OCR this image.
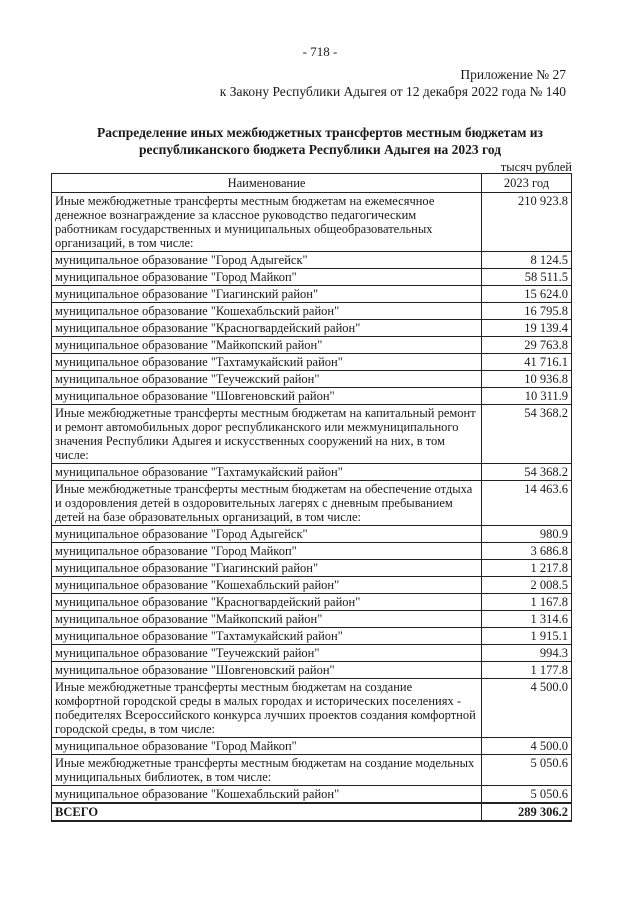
- 718 -
Приложение № 27
к Закону Республики Адыгея от 12 декабря 2022 года № 140
Распределение иных межбюджетных трансфертов местным бюджетам из республиканского бюджета Республики Адыгея на 2023 год
тысяч рублей
Наименование	2023 год
Иные межбюджетные трансферты местным бюджетам на ежемесячное денежное вознаграждение за классное руководство педагогическим работникам государственных и муниципальных общеобразовательных организаций, в том числе:	210 923.8
муниципальное образование "Город Адыгейск"	8 124.5
муниципальное образование "Город Майкоп"	58 511.5
муниципальное образование "Гиагинский район"	15 624.0
муниципальное образование "Кошехабльский район"	16 795.8
муниципальное образование "Красногвардейский район"	19 139.4
муниципальное образование "Майкопский район"	29 763.8
муниципальное образование "Тахтамукайский район"	41 716.1
муниципальное образование "Теучежский район"	10 936.8
муниципальное образование "Шовгеновский район"	10 311.9
Иные межбюджетные трансферты местным бюджетам на капитальный ремонт и ремонт автомобильных дорог республиканского или межмуниципального значения Республики Адыгея и искусственных сооружений на них, в том числе:	54 368.2
муниципальное образование "Тахтамукайский район"	54 368.2
Иные межбюджетные трансферты местным бюджетам на обеспечение отдыха и оздоровления детей в оздоровительных лагерях с дневным пребыванием детей на базе образовательных организаций, в том числе:	14 463.6
муниципальное образование "Город Адыгейск"	980.9
муниципальное образование "Город Майкоп"	3 686.8
муниципальное образование "Гиагинский район"	1 217.8
муниципальное образование "Кошехабльский район"	2 008.5
муниципальное образование "Красногвардейский район"	1 167.8
муниципальное образование "Майкопский район"	1 314.6
муниципальное образование "Тахтамукайский район"	1 915.1
муниципальное образование "Теучежский район"	994.3
муниципальное образование "Шовгеновский район"	1 177.8
Иные межбюджетные трансферты местным бюджетам на создание комфортной городской среды в малых городах и исторических поселениях - победителях Всероссийского конкурса лучших проектов создания комфортной городской среды, в том числе:	4 500.0
муниципальное образование "Город Майкоп"	4 500.0
Иные межбюджетные трансферты местным бюджетам на создание модельных муниципальных библиотек, в том числе:	5 050.6
муниципальное образование "Кошехабльский район"	5 050.6
ВСЕГО	289 306.2
